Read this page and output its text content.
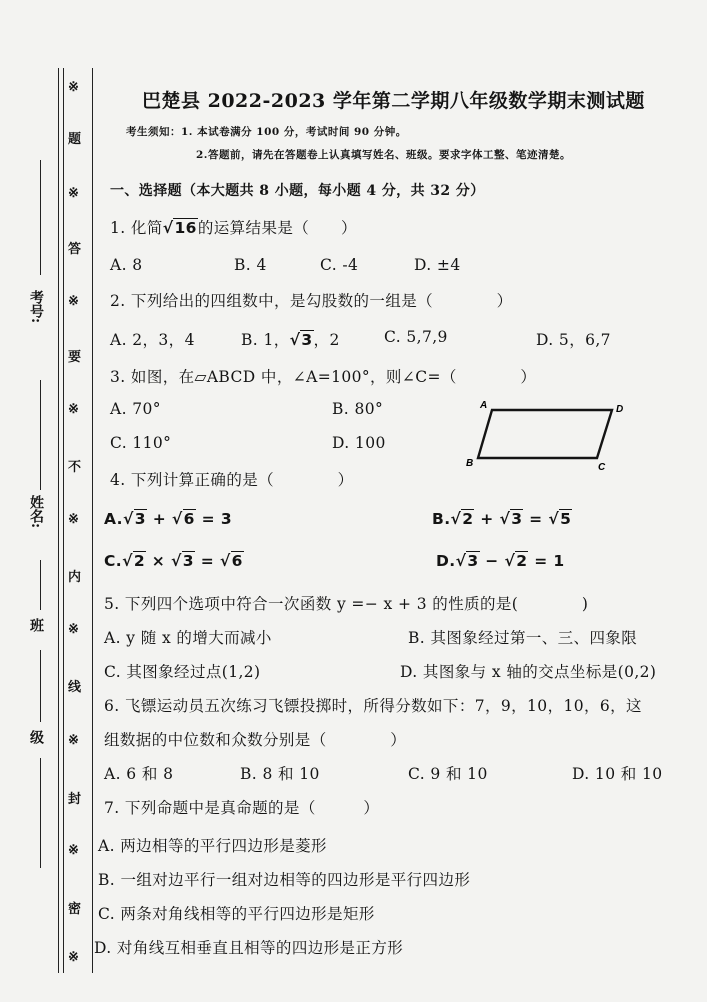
考号:
姓名:
班
级
※
题
※
答
※
要
※
不
※
内
※
线
※
封
※
密
※
巴楚县 2022-2023 学年第二学期八年级数学期末测试题
考生须知：1. 本试卷满分 100 分，考试时间 90 分钟。
2.答题前，请先在答题卷上认真填写姓名、班级。要求字体工整、笔迹清楚。
一、选择题（本大题共 8 小题，每小题 4 分，共 32 分）
1. 化简√16的运算结果是（　　）
A. 8	B. 4	C. -4	D. ±4
2. 下列给出的四组数中，是勾股数的一组是（　　　　）
A. 2，3，4	B. 1，√3，2	C. 5,7,9	D. 5，6,7
3. 如图，在▱ABCD 中，∠A=100°，则∠C=（　　　　）
A. 70°	B. 80°
C. 110°	D. 100
A	D
B	C
4. 下列计算正确的是（　　　　）
A.√3 + √6 = 3	B.√2 + √3 = √5
C.√2 × √3 = √6	D.√3 − √2 = 1
5. 下列四个选项中符合一次函数 y =− x + 3 的性质的是(　　　　)
A. y 随 x 的增大而减小	B. 其图象经过第一、三、四象限
C. 其图象经过点(1,2)	D. 其图象与 x 轴的交点坐标是(0,2)
6. 飞镖运动员五次练习飞镖投掷时，所得分数如下：7，9，10，10，6，这
组数据的中位数和众数分别是（　　　　）
A. 6 和 8	B. 8 和 10	C. 9 和 10	D. 10 和 10
7. 下列命题中是真命题的是（　　　）
A. 两边相等的平行四边形是菱形
B. 一组对边平行一组对边相等的四边形是平行四边形
C. 两条对角线相等的平行四边形是矩形
D. 对角线互相垂直且相等的四边形是正方形
